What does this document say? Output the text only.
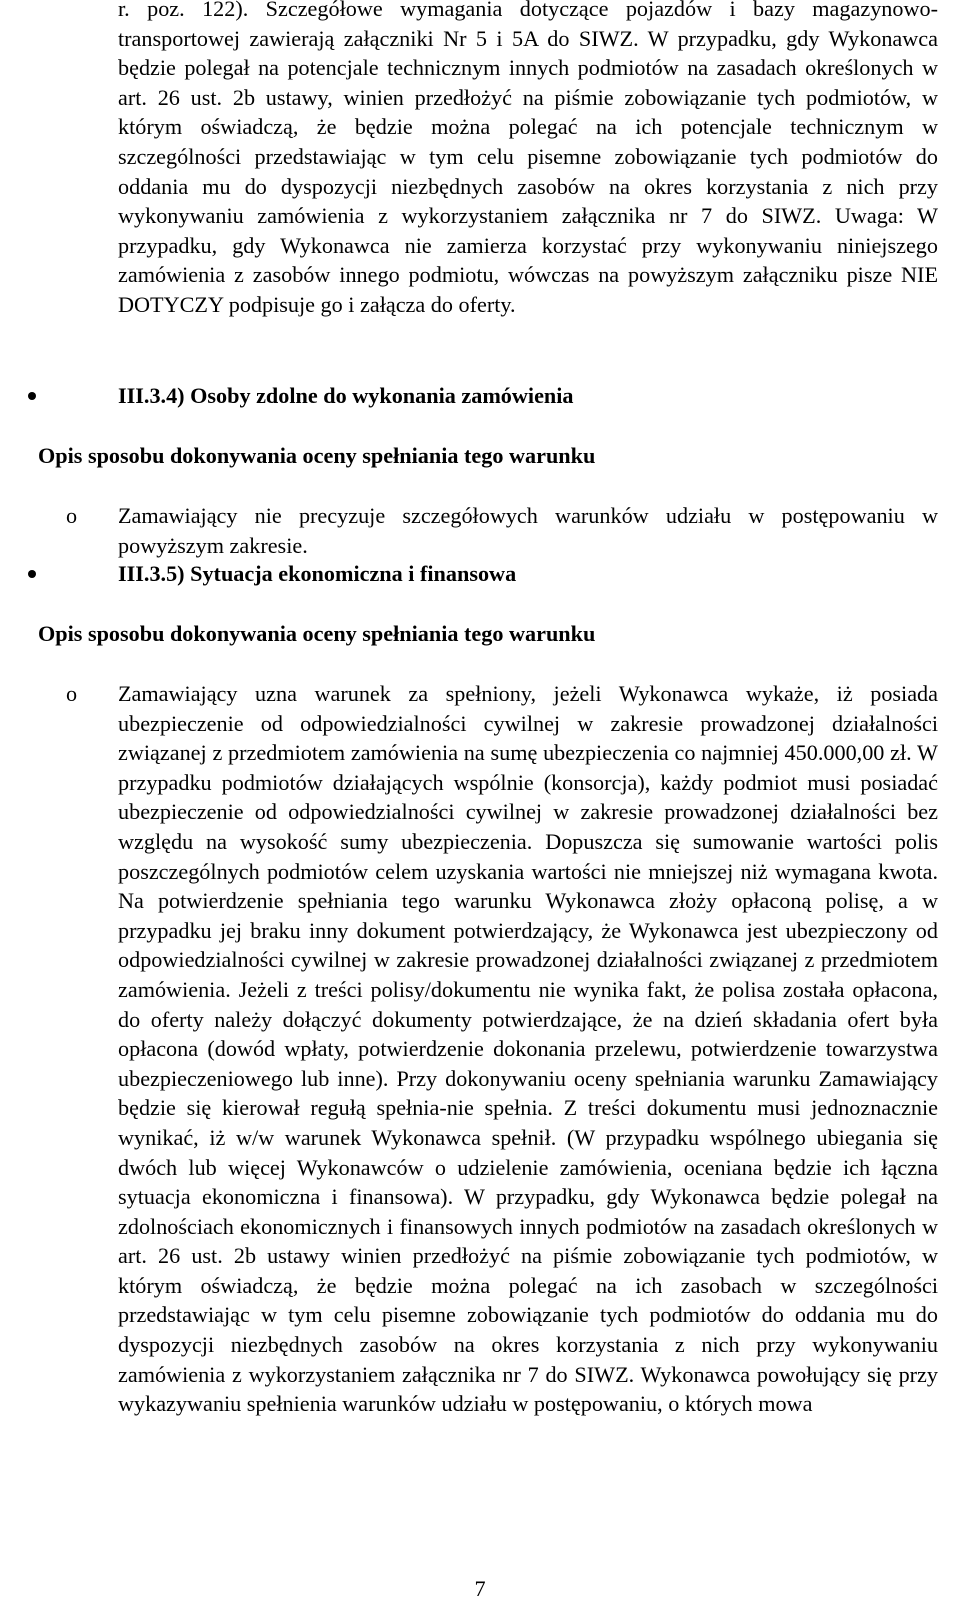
r. poz. 122). Szczegółowe wymagania dotyczące pojazdów i bazy magazynowo-transportowej zawierają załączniki Nr 5 i 5A do SIWZ. W przypadku, gdy Wykonawca będzie polegał na potencjale technicznym innych podmiotów na zasadach określonych w art. 26 ust. 2b ustawy, winien przedłożyć na piśmie zobowiązanie tych podmiotów, w którym oświadczą, że będzie można polegać na ich potencjale technicznym w szczególności przedstawiając w tym celu pisemne zobowiązanie tych podmiotów do oddania mu do dyspozycji niezbędnych zasobów na okres korzystania z nich przy wykonywaniu zamówienia z wykorzystaniem załącznika nr 7 do SIWZ. Uwaga: W przypadku, gdy Wykonawca nie zamierza korzystać przy wykonywaniu niniejszego zamówienia z zasobów innego podmiotu, wówczas na powyższym załączniku pisze NIE DOTYCZY podpisuje go i załącza do oferty.

III.3.4) Osoby zdolne do wykonania zamówienia
Opis sposobu dokonywania oceny spełniania tego warunku
o Zamawiający nie precyzuje szczegółowych warunków udziału w postępowaniu w powyższym zakresie.

III.3.5) Sytuacja ekonomiczna i finansowa
Opis sposobu dokonywania oceny spełniania tego warunku
o Zamawiający uzna warunek za spełniony, jeżeli Wykonawca wykaże, iż posiada ubezpieczenie od odpowiedzialności cywilnej w zakresie prowadzonej działalności związanej z przedmiotem zamówienia na sumę ubezpieczenia co najmniej 450.000,00 zł. W przypadku podmiotów działających wspólnie (konsorcja), każdy podmiot musi posiadać ubezpieczenie od odpowiedzialności cywilnej w zakresie prowadzonej działalności bez względu na wysokość sumy ubezpieczenia. Dopuszcza się sumowanie wartości polis poszczególnych podmiotów celem uzyskania wartości nie mniejszej niż wymagana kwota. Na potwierdzenie spełniania tego warunku Wykonawca złoży opłaconą polisę, a w przypadku jej braku inny dokument potwierdzający, że Wykonawca jest ubezpieczony od odpowiedzialności cywilnej w zakresie prowadzonej działalności związanej z przedmiotem zamówienia. Jeżeli z treści polisy/dokumentu nie wynika fakt, że polisa została opłacona, do oferty należy dołączyć dokumenty potwierdzające, że na dzień składania ofert była opłacona (dowód wpłaty, potwierdzenie dokonania przelewu, potwierdzenie towarzystwa ubezpieczeniowego lub inne). Przy dokonywaniu oceny spełniania warunku Zamawiający będzie się kierował regułą spełnia-nie spełnia. Z treści dokumentu musi jednoznacznie wynikać, iż w/w warunek Wykonawca spełnił. (W przypadku wspólnego ubiegania się dwóch lub więcej Wykonawców o udzielenie zamówienia, oceniana będzie ich łączna sytuacja ekonomiczna i finansowa). W przypadku, gdy Wykonawca będzie polegał na zdolnościach ekonomicznych i finansowych innych podmiotów na zasadach określonych w art. 26 ust. 2b ustawy winien przedłożyć na piśmie zobowiązanie tych podmiotów, w którym oświadczą, że będzie można polegać na ich zasobach w szczególności przedstawiając w tym celu pisemne zobowiązanie tych podmiotów do oddania mu do dyspozycji niezbędnych zasobów na okres korzystania z nich przy wykonywaniu zamówienia z wykorzystaniem załącznika nr 7 do SIWZ. Wykonawca powołujący się przy wykazywaniu spełnienia warunków udziału w postępowaniu, o których mowa

7
